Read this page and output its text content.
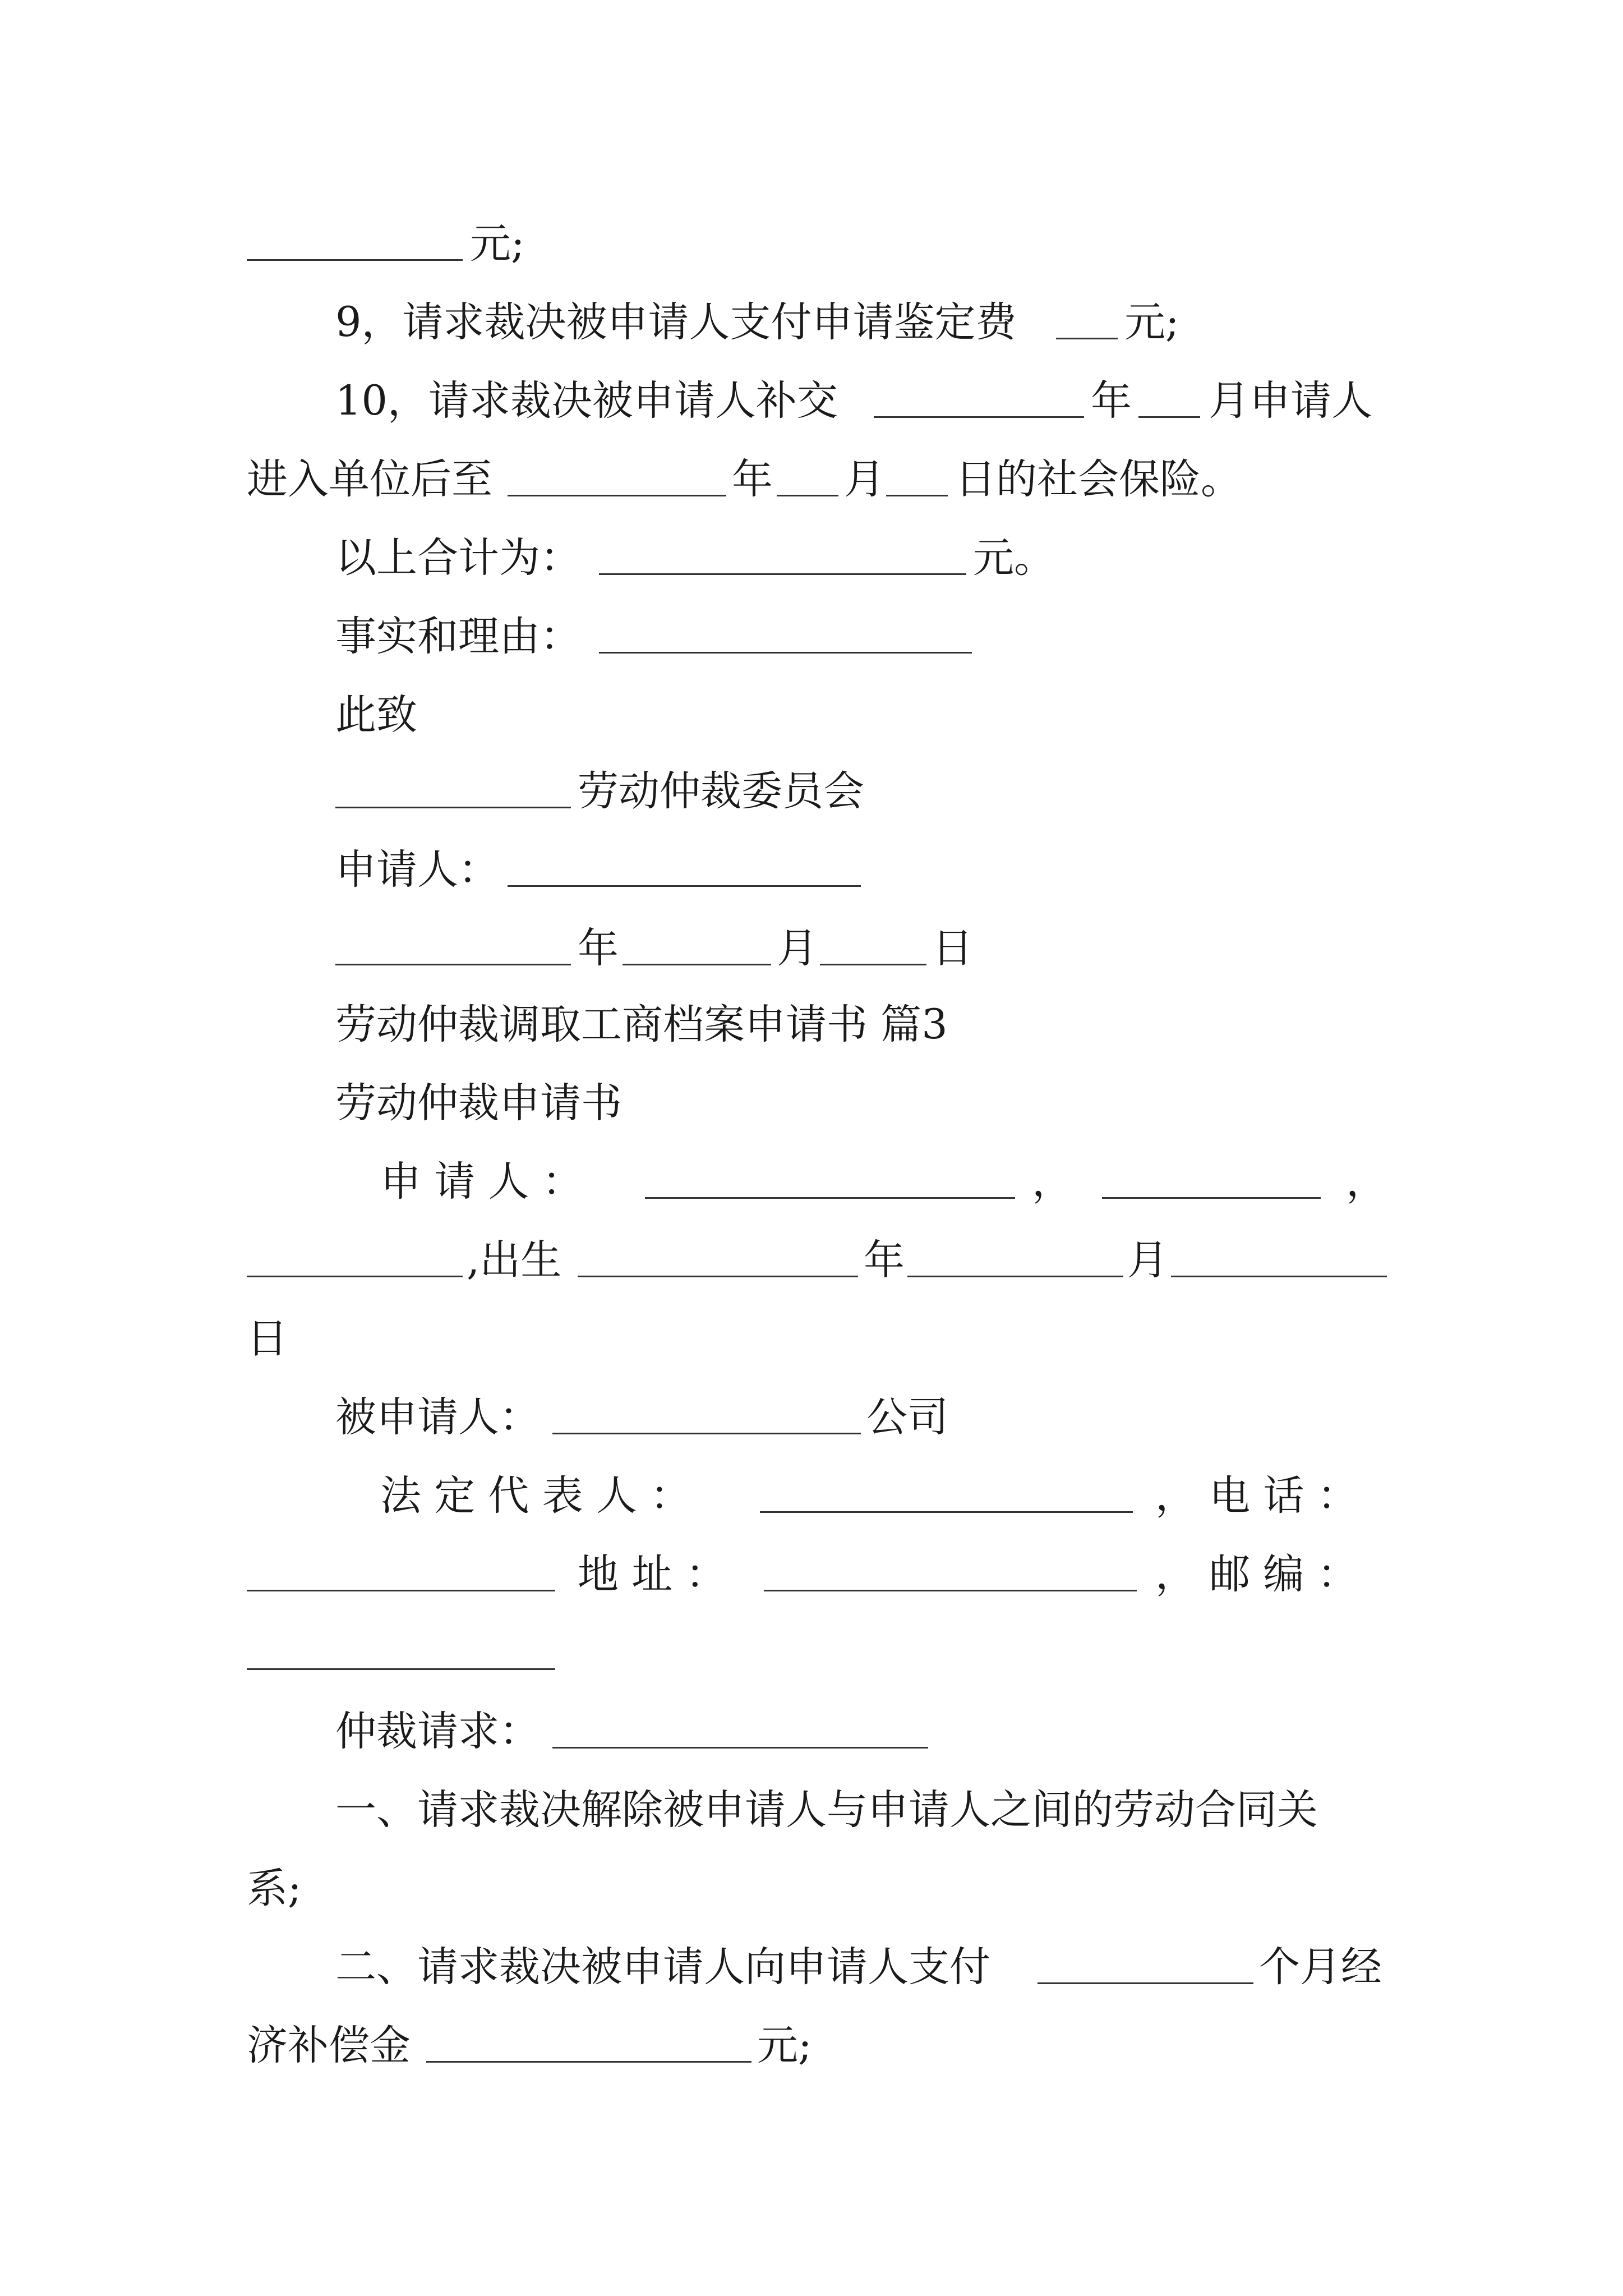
元;
9，请求裁决被申请人支付申请鉴定费	元;
10，请求裁决被申请人补交	年 月申请人
进入单位后至	年 月 日的社会保险。
以上合计为：	元。
事实和理由：
此致
劳动仲裁委员会
申请人：
年	月	日
劳动仲裁调取工商档案申请书 篇3
劳动仲裁申请书
申 请 人 ：	，	，
,出生	年	月
日
被申请人：	公司
法 定 代 表 人 ：	， 电 话 ：
地 址 ：	， 邮 编 ：
仲裁请求：
一、请求裁决解除被申请人与申请人之间的劳动合同关
系;
二、请求裁决被申请人向申请人支付	个月经
济补偿金	元;
